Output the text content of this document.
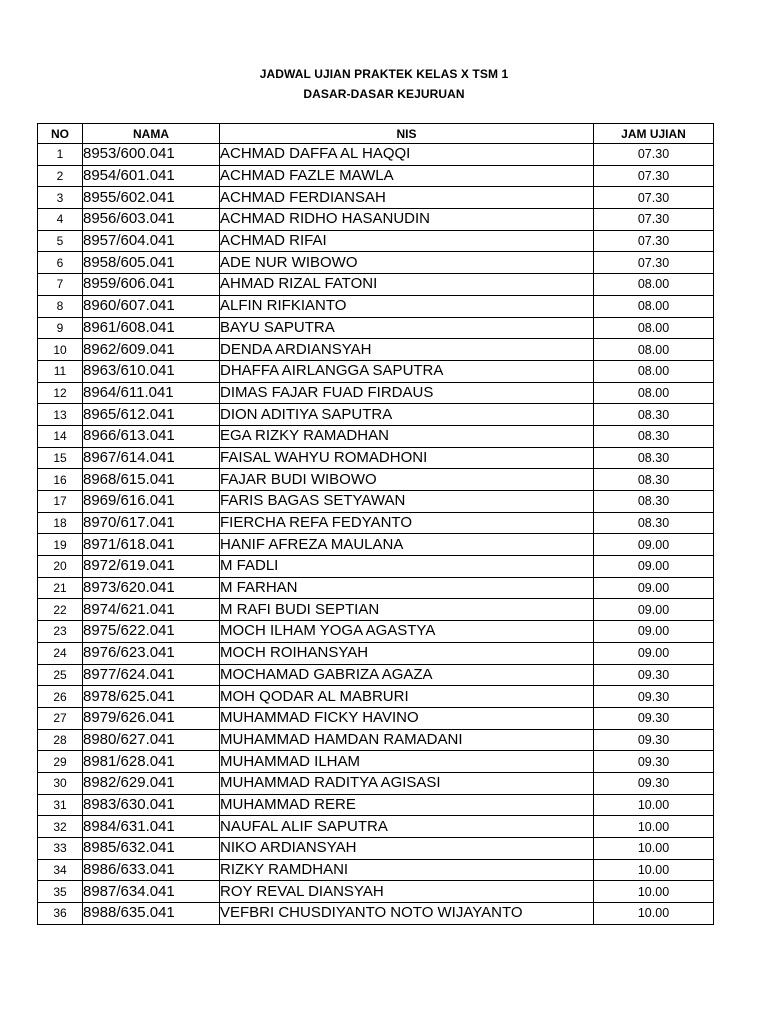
JADWAL UJIAN PRAKTEK KELAS X TSM 1
DASAR-DASAR KEJURUAN
NO	NAMA	NIS	JAM UJIAN
1	8953/600.041	ACHMAD DAFFA AL HAQQI	07.30
2	8954/601.041	ACHMAD FAZLE MAWLA	07.30
3	8955/602.041	ACHMAD FERDIANSAH	07.30
4	8956/603.041	ACHMAD RIDHO HASANUDIN	07.30
5	8957/604.041	ACHMAD RIFAI	07.30
6	8958/605.041	ADE NUR WIBOWO	07.30
7	8959/606.041	AHMAD RIZAL FATONI	08.00
8	8960/607.041	ALFIN RIFKIANTO	08.00
9	8961/608.041	BAYU SAPUTRA	08.00
10	8962/609.041	DENDA ARDIANSYAH	08.00
11	8963/610.041	DHAFFA AIRLANGGA SAPUTRA	08.00
12	8964/611.041	DIMAS FAJAR FUAD FIRDAUS	08.00
13	8965/612.041	DION ADITIYA SAPUTRA	08.30
14	8966/613.041	EGA RIZKY RAMADHAN	08.30
15	8967/614.041	FAISAL WAHYU ROMADHONI	08.30
16	8968/615.041	FAJAR BUDI WIBOWO	08.30
17	8969/616.041	FARIS BAGAS SETYAWAN	08.30
18	8970/617.041	FIERCHA REFA FEDYANTO	08.30
19	8971/618.041	HANIF AFREZA MAULANA	09.00
20	8972/619.041	M FADLI	09.00
21	8973/620.041	M FARHAN	09.00
22	8974/621.041	M RAFI BUDI SEPTIAN	09.00
23	8975/622.041	MOCH ILHAM YOGA AGASTYA	09.00
24	8976/623.041	MOCH ROIHANSYAH	09.00
25	8977/624.041	MOCHAMAD GABRIZA AGAZA	09.30
26	8978/625.041	MOH QODAR AL MABRURI	09.30
27	8979/626.041	MUHAMMAD FICKY HAVINO	09.30
28	8980/627.041	MUHAMMAD HAMDAN RAMADANI	09.30
29	8981/628.041	MUHAMMAD ILHAM	09.30
30	8982/629.041	MUHAMMAD RADITYA AGISASI	09.30
31	8983/630.041	MUHAMMAD RERE	10.00
32	8984/631.041	NAUFAL ALIF SAPUTRA	10.00
33	8985/632.041	NIKO ARDIANSYAH	10.00
34	8986/633.041	RIZKY RAMDHANI	10.00
35	8987/634.041	ROY REVAL DIANSYAH	10.00
36	8988/635.041	VEFBRI CHUSDIYANTO NOTO WIJAYANTO	10.00
